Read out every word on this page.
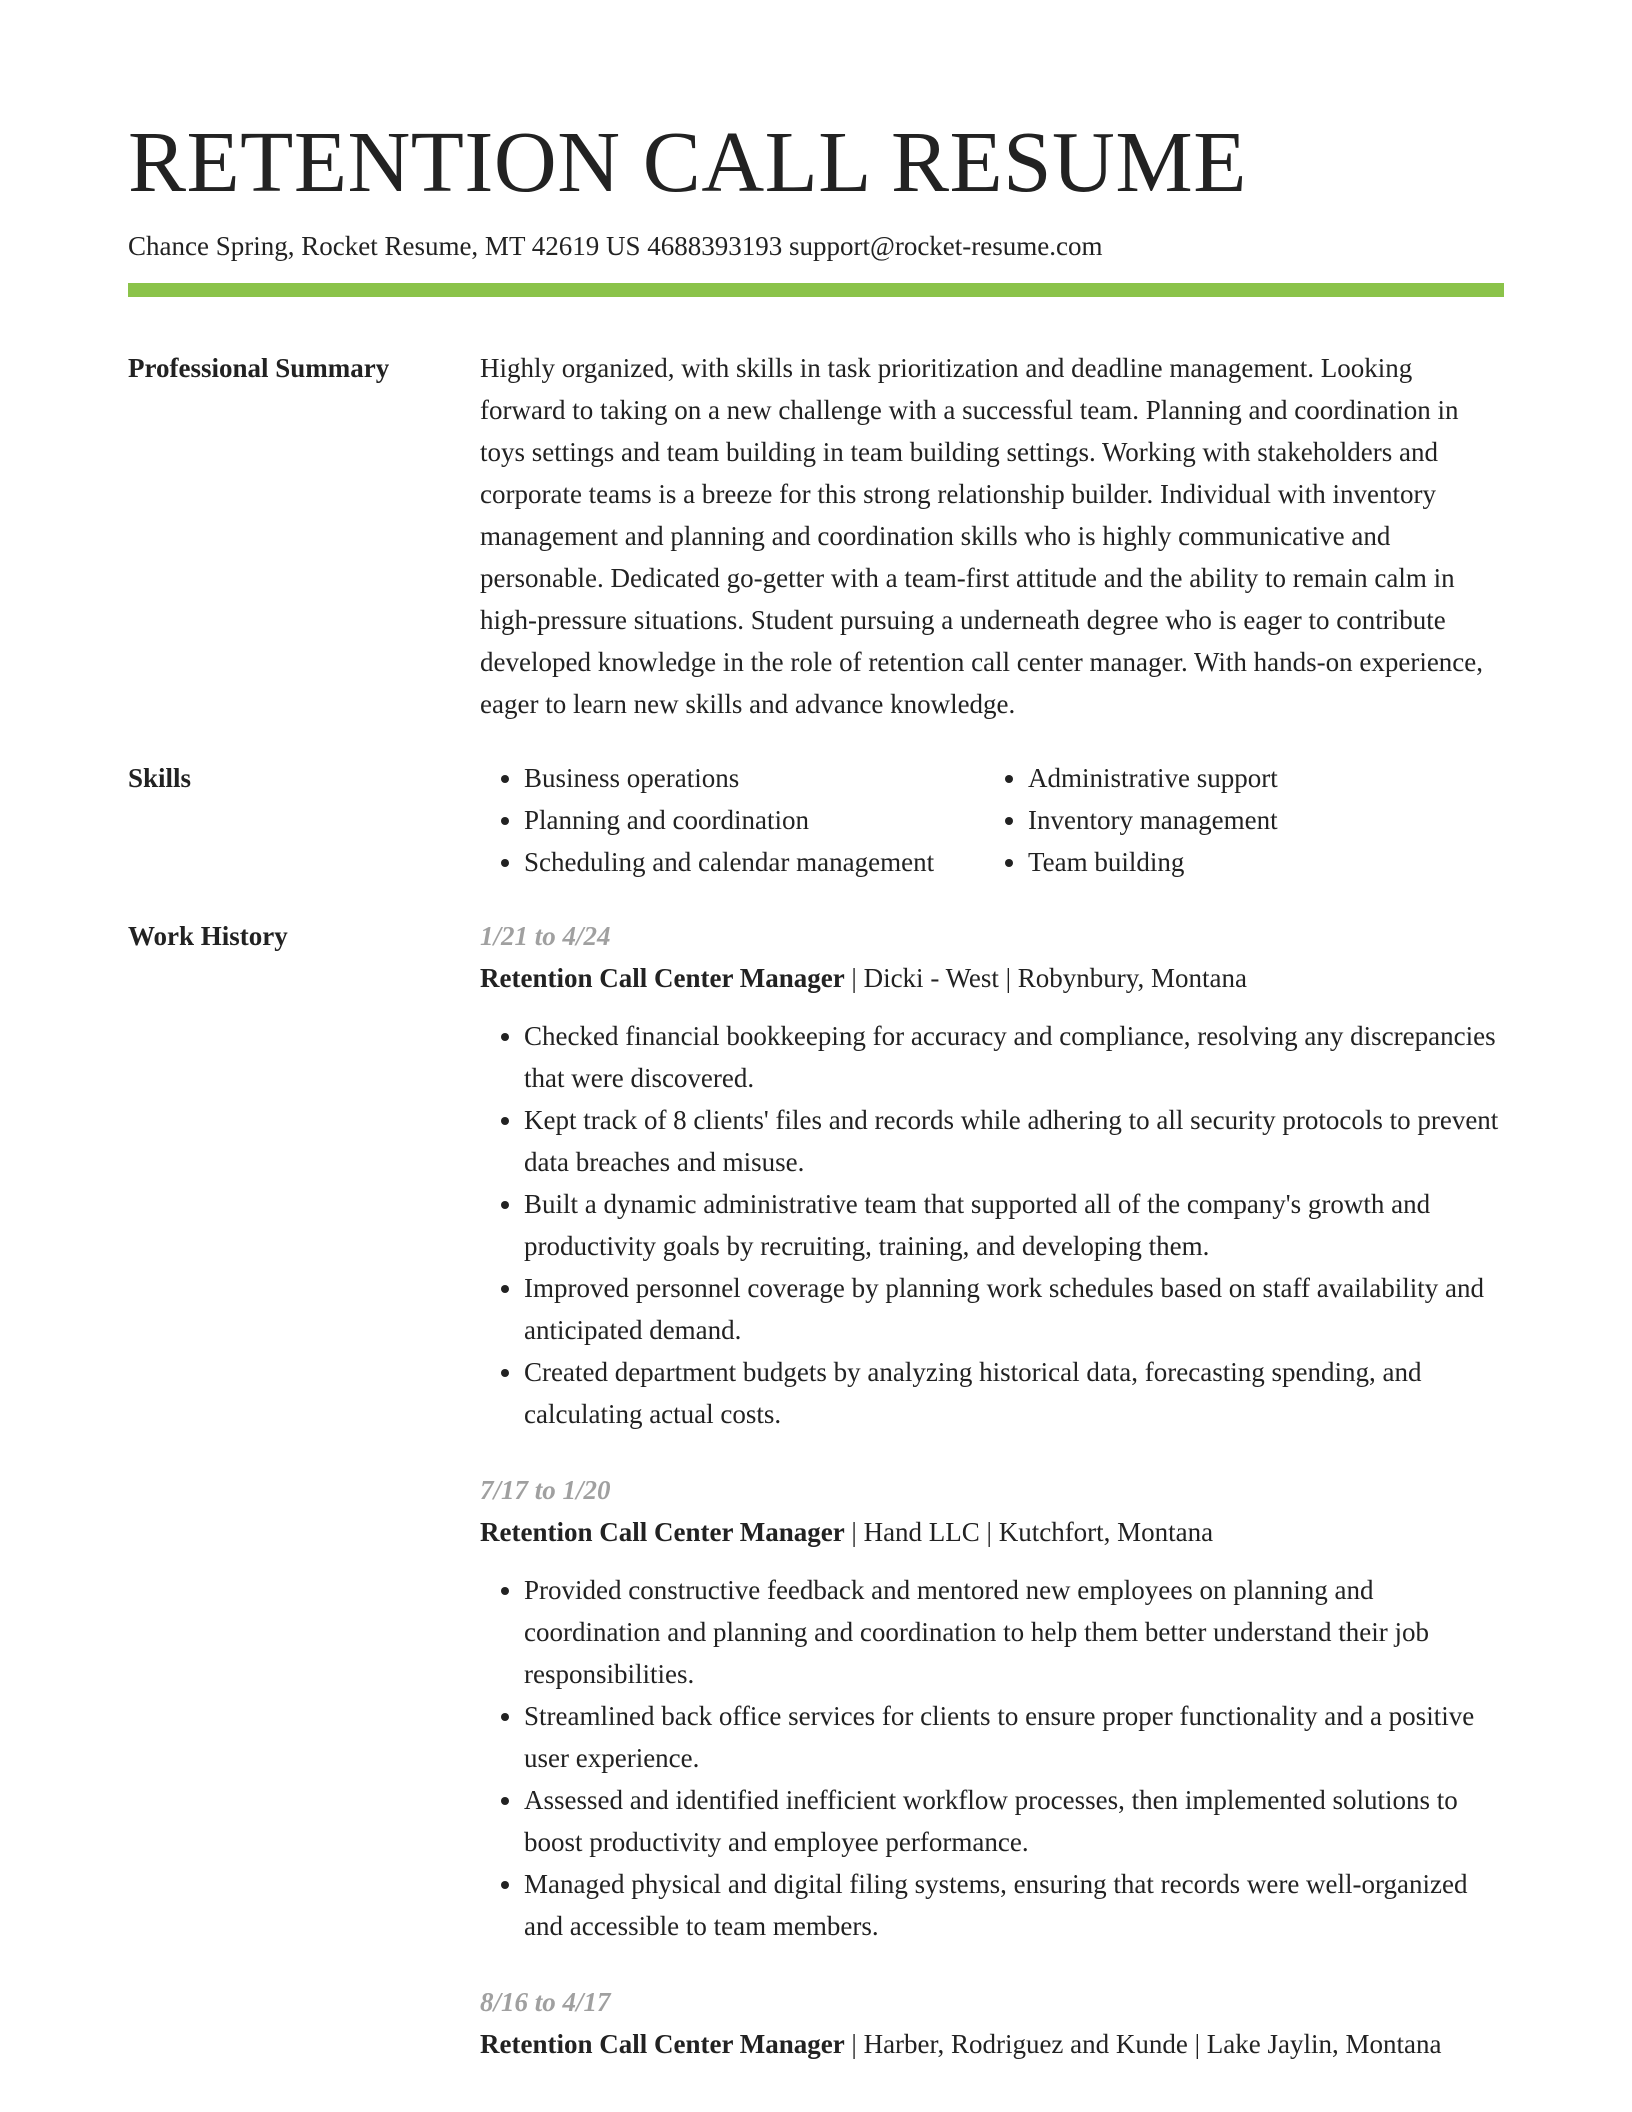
RETENTION CALL RESUME
Chance Spring, Rocket Resume, MT 42619 US 4688393193 support@rocket-resume.com
Professional Summary	Highly organized, with skills in task prioritization and deadline management. Looking forward to taking on a new challenge with a successful team. Planning and coordination in toys settings and team building in team building settings. Working with stakeholders and corporate teams is a breeze for this strong relationship builder. Individual with inventory management and planning and coordination skills who is highly communicative and personable. Dedicated go-getter with a team-first attitude and the ability to remain calm in high-pressure situations. Student pursuing a underneath degree who is eager to contribute developed knowledge in the role of retention call center manager. With hands-on experience, eager to learn new skills and advance knowledge.
Skills
•	Business operations
• Planning and coordination
• Scheduling and calendar management
• Administrative support
• Inventory management
• Team building
Work History	1/21 to 4/24
Retention Call Center Manager | Dicki - West | Robynbury, Montana
• Checked financial bookkeeping for accuracy and compliance, resolving any discrepancies that were discovered.
• Kept track of 8 clients' files and records while adhering to all security protocols to prevent data breaches and misuse.
• Built a dynamic administrative team that supported all of the company's growth and productivity goals by recruiting, training, and developing them.
• Improved personnel coverage by planning work schedules based on staff availability and anticipated demand.
• Created department budgets by analyzing historical data, forecasting spending, and calculating actual costs.
7/17 to 1/20
Retention Call Center Manager | Hand LLC | Kutchfort, Montana
• Provided constructive feedback and mentored new employees on planning and coordination and planning and coordination to help them better understand their job responsibilities.
• Streamlined back office services for clients to ensure proper functionality and a positive user experience.
• Assessed and identified inefficient workflow processes, then implemented solutions to boost productivity and employee performance.
• Managed physical and digital filing systems, ensuring that records were well-organized and accessible to team members.
8/16 to 4/17
Retention Call Center Manager | Harber, Rodriguez and Kunde | Lake Jaylin, Montana
